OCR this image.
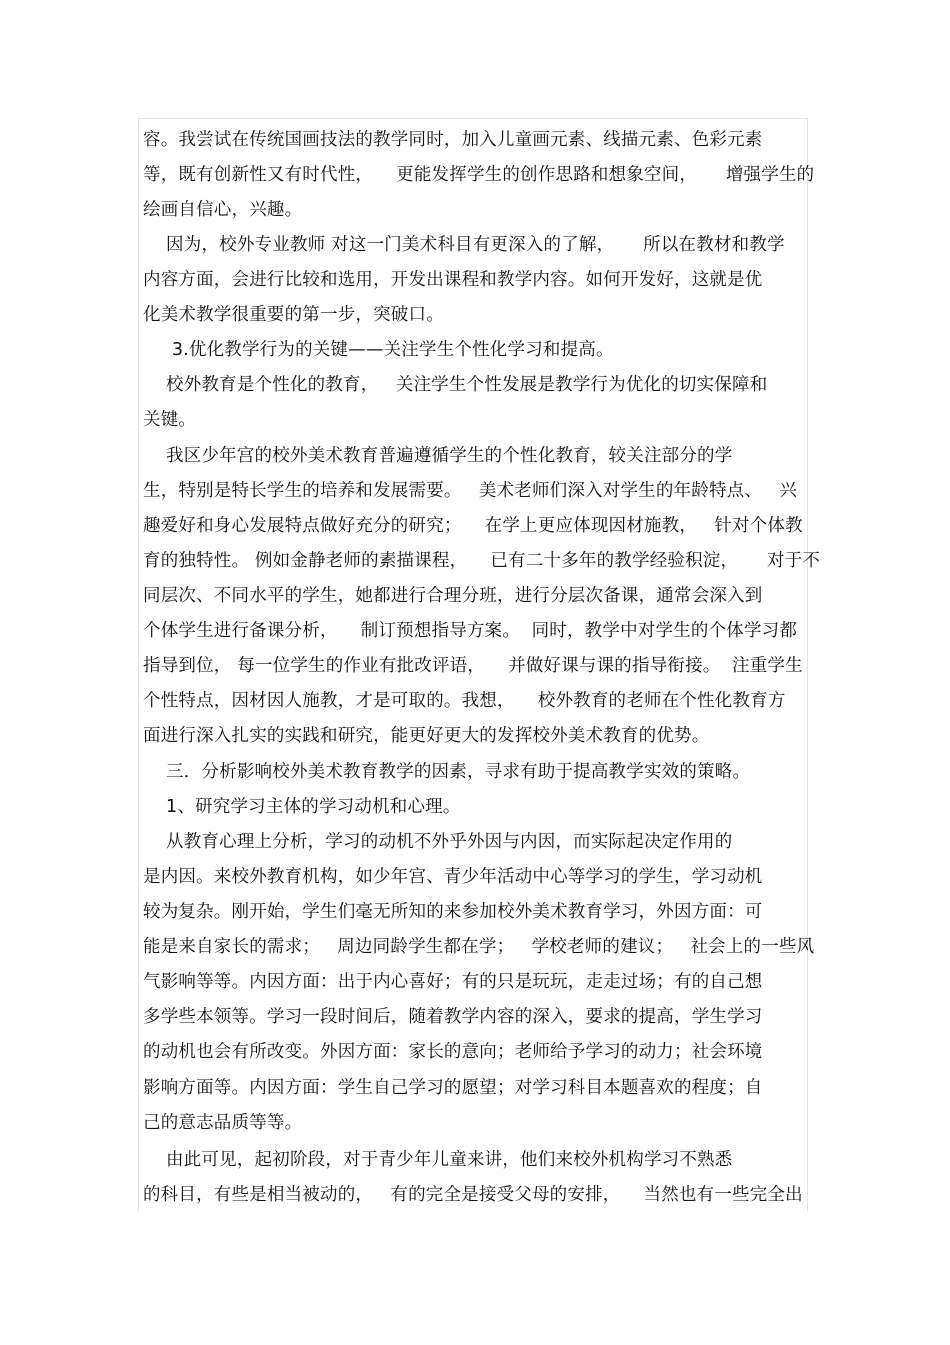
容。我尝试在传统国画技法的教学同时，加入儿童画元素、线描元素、色彩元素
等，既有创新性又有时代性，    更能发挥学生的创作思路和想象空间，     增强学生的
绘画自信心，兴趣。
因为，校外专业教师 对这一门美术科目有更深入的了解，     所以在教材和教学
内容方面，会进行比较和选用，开发出课程和教学内容。如何开发好，这就是优
化美术教学很重要的第一步，突破口。
3.优化教学行为的关键——关注学生个性化学习和提高。
校外教育是个性化的教育，   关注学生个性发展是教学行为优化的切实保障和
关键。
我区少年宫的校外美术教育普遍遵循学生的个性化教育，较关注部分的学
生，特别是特长学生的培养和发展需要。   美术老师们深入对学生的年龄特点、   兴
趣爱好和身心发展特点做好充分的研究；    在学上更应体现因材施教，   针对个体教
育的独特性。 例如金静老师的素描课程，    已有二十多年的教学经验积淀，     对于不
同层次、不同水平的学生，她都进行合理分班，进行分层次备课，通常会深入到
个体学生进行备课分析，    制订预想指导方案。  同时，教学中对学生的个体学习都
指导到位， 每一位学生的作业有批改评语，    并做好课与课的指导衔接。  注重学生
个性特点，因材因人施教，才是可取的。我想，    校外教育的老师在个性化教育方
面进行深入扎实的实践和研究，能更好更大的发挥校外美术教育的优势。
三．分析影响校外美术教育教学的因素，寻求有助于提高教学实效的策略。
1、研究学习主体的学习动机和心理。
从教育心理上分析，学习的动机不外乎外因与内因，而实际起决定作用的
是内因。来校外教育机构，如少年宫、青少年活动中心等学习的学生，学习动机
较为复杂。刚开始，学生们毫无所知的来参加校外美术教育学习，外因方面：可
能是来自家长的需求；   周边同龄学生都在学；   学校老师的建议；   社会上的一些风
气影响等等。内因方面：出于内心喜好；有的只是玩玩，走走过场；有的自己想
多学些本领等。学习一段时间后，随着教学内容的深入，要求的提高，学生学习
的动机也会有所改变。外因方面：家长的意向；老师给予学习的动力；社会环境
影响方面等。内因方面：学生自己学习的愿望；对学习科目本题喜欢的程度；自
己的意志品质等等。
由此可见，起初阶段，对于青少年儿童来讲，他们来校外机构学习不熟悉
的科目，有些是相当被动的，   有的完全是接受父母的安排，    当然也有一些完全出
